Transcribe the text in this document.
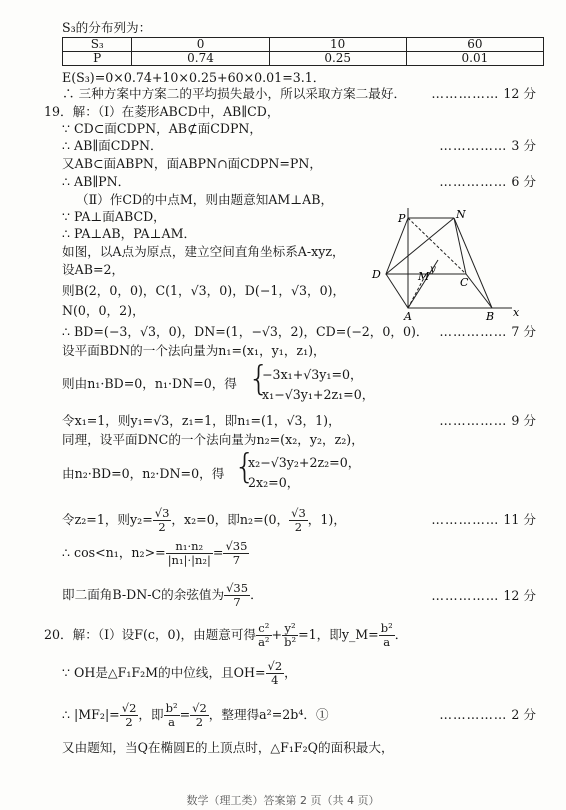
S₃的分布列为：
S₃	0	10	60
P	0.74	0.25	0.01
E(S₃)=0×0.74+10×0.25+60×0.01=3.1．
∴ 三种方案中方案二的平均损失最小，所以采取方案二最好． …………… 12 分
19．解：（Ⅰ）在菱形ABCD中，AB∥CD，
∵ CD⊂面CDPN，AB⊄面CDPN，
∴ AB∥面CDPN．	…………… 3 分
又AB⊂面ABPN，面ABPN∩面CDPN=PN，
∴ AB∥PN．	…………… 6 分
（Ⅱ）作CD的中点M，则由题意知AM⊥AB，
∵ PA⊥面ABCD，
∴ PA⊥AB，PA⊥AM．
如图，以A点为原点，建立空间直角坐标系A-xyz，
设AB=2，
则B(2，0，0)，C(1，√3，0)，D(−1，√3，0)，
N(0，0，2)，
P	N
D	M	C
A	B x
y
∴ BD=(−3，√3，0)，DN=(1，−√3，2)，CD=(−2，0，0)． …………… 7 分
设平面BDN的一个法向量为n₁=(x₁，y₁，z₁)，
则由n₁·BD=0，n₁·DN=0，得 {
−3x₁+√3y₁=0，
x₁−√3y₁+2z₁=0，
令x₁=1，则y₁=√3，z₁=1，即n₁=(1，√3，1)，	…………… 9 分
同理，设平面DNC的一个法向量为n₂=(x₂，y₂，z₂)，
由n₂·BD=0，n₂·DN=0，得 {
x₂−√3y₂+2z₂=0，
2x₂=0，
令z₂=1，则$y_2= \frac{√3}{2}$ ，x₂=0，即n₂=(0， $\frac{√3}{2}$ ，1)，	…………… 11 分
∴ cos<n₁，$n_2>= \frac{\text{n₁·n₂}}{\text{|n₁|·|n₂|}} = \frac{√35}{7}$
即二面角B-DN-C的余弦值为 $\frac{√35}{7}$ ．	…………… 12 分
20．解：（Ⅰ）设F(c，0)，由题意可得 $\frac{\text{c²}}{\text{a²}} + \frac{\text{y²}}{\text{b²}} =1$，即y_M= $\frac{\text{b²}}{a}$ ．
∵ OH是△F₁F₂M的中位线，且$OH= \frac{√2}{4}$ ，
∴ $|MF_2|= \frac{√2}{2}$ ，即 $\frac{\text{b²}}{a} = \frac{√2}{2}$ ，整理得a²=2b⁴．①	…………… 2 分
又由题知，当Q在椭圆E的上顶点时，△F₁F₂Q的面积最大，
数学（理工类）答案第 2 页（共 4 页）
